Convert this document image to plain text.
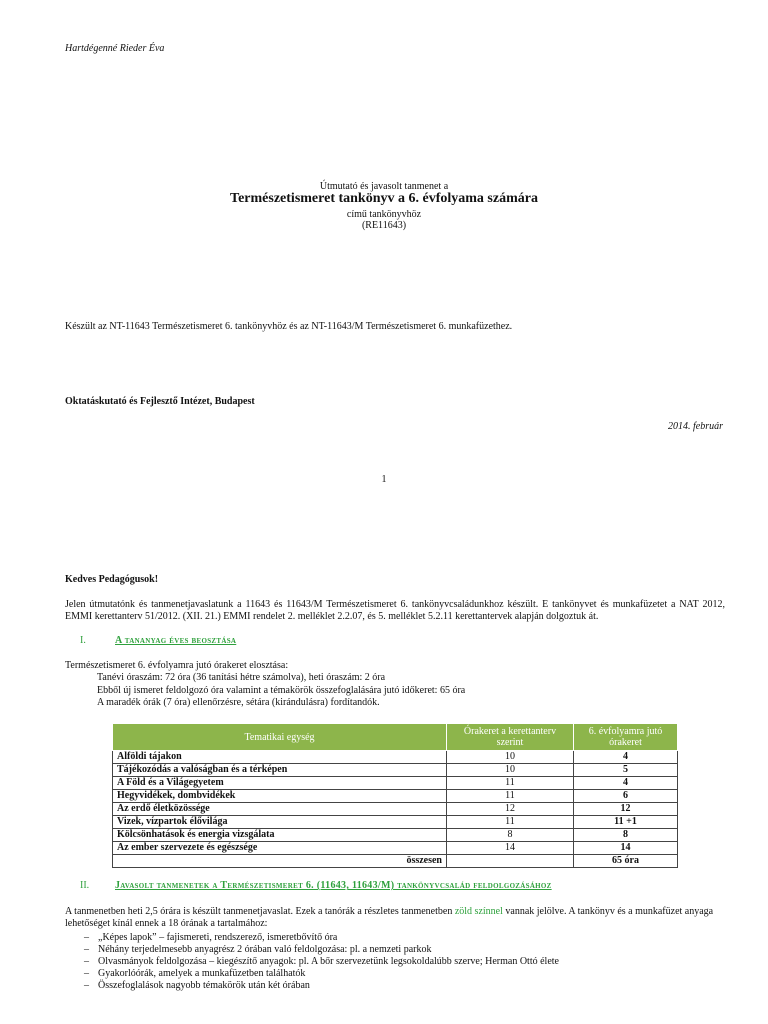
Hartdégenné Rieder Éva
Útmutató és javasolt tanmenet a
Természetismeret tankönyv a 6. évfolyama számára
című tankönyvhöz
(RE11643)
Készült az NT-11643 Természetismeret 6. tankönyvhöz és az NT-11643/M Természetismeret 6. munkafüzethez.
Oktatáskutató és Fejlesztő Intézet, Budapest
2014. február
1
Kedves Pedagógusok!
Jelen útmutatónk és tanmenetjavaslatunk a 11643 és 11643/M Természetismeret 6. tankönyvcsaládunkhoz készült. E tankönyvet és munkafüzetet a NAT 2012, EMMI kerettanterv 51/2012. (XII. 21.) EMMI rendelet 2. melléklet 2.2.07, és 5. melléklet 5.2.11 kerettantervek alapján dolgoztuk át.
I.	A tananyag éves beosztása
Természetismeret 6. évfolyamra jutó órakeret elosztása:
Tanévi óraszám: 72 óra (36 tanítási hétre számolva), heti óraszám: 2 óra
Ebből új ismeret feldolgozó óra valamint a témakörök összefoglalására jutó időkeret: 65 óra
A maradék órák (7 óra) ellenőrzésre, sétára (kirándulásra) fordítandók.
Tematikai egység	Órakeret a kerettanterv szerint	6. évfolyamra jutó órakeret
Alföldi tájakon	10	4
Tájékozódás a valóságban és a térképen	10	5
A Föld és a Világegyetem	11	4
Hegyvidékek, dombvidékek	11	6
Az erdő életközössége	12	12
Vizek, vízpartok élővilága	11	11 +1
Kölcsönhatások és energia vizsgálata	8	8
Az ember szervezete és egészsége	14	14
összesen		65 óra
II.	Javasolt tanmenetek a Természetismeret 6. (11643, 11643/M) tankönyvcsalád feldolgozásához
A tanmenetben heti 2,5 órára is készült tanmenetjavaslat. Ezek a tanórák a részletes tanmenetben zöld színnel vannak jelölve. A tankönyv és a munkafüzet anyaga lehetőséget kínál ennek a 18 órának a tartalmához:
– „Képes lapok” – fajismereti, rendszerező, ismeretbővítő óra
– Néhány terjedelmesebb anyagrész 2 órában való feldolgozása: pl. a nemzeti parkok
– Olvasmányok feldolgozása – kiegészítő anyagok: pl. A bőr szervezetünk legsokoldalúbb szerve; Herman Ottó élete
– Gyakorlóórák, amelyek a munkafüzetben találhatók
– Összefoglalások nagyobb témakörök után két órában
